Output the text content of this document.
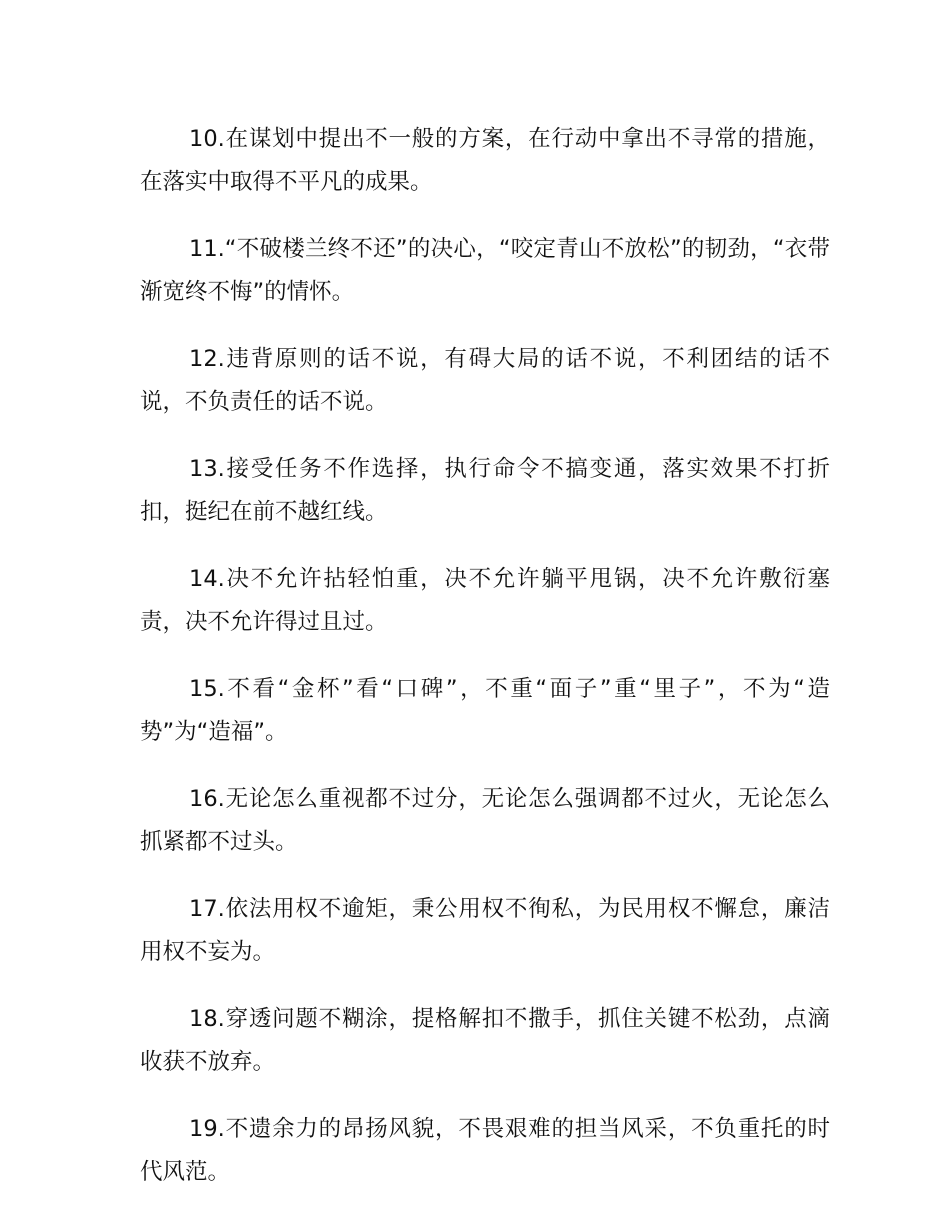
10.在谋划中提出不一般的方案，在行动中拿出不寻常的措施，在落实中取得不平凡的成果。

11.“不破楼兰终不还”的决心，“咬定青山不放松”的韧劲，“衣带渐宽终不悔”的情怀。

12.违背原则的话不说，有碍大局的话不说，不利团结的话不说，不负责任的话不说。

13.接受任务不作选择，执行命令不搞变通，落实效果不打折扣，挺纪在前不越红线。

14.决不允许拈轻怕重，决不允许躺平甩锅，决不允许敷衍塞责，决不允许得过且过。

15.不看“金杯”看“口碑”，不重“面子”重“里子”，不为“造势”为“造福”。

16.无论怎么重视都不过分，无论怎么强调都不过火，无论怎么抓紧都不过头。

17.依法用权不逾矩，秉公用权不徇私，为民用权不懈怠，廉洁用权不妄为。

18.穿透问题不糊涂，提格解扣不撒手，抓住关键不松劲，点滴收获不放弃。

19.不遗余力的昂扬风貌，不畏艰难的担当风采，不负重托的时代风范。
